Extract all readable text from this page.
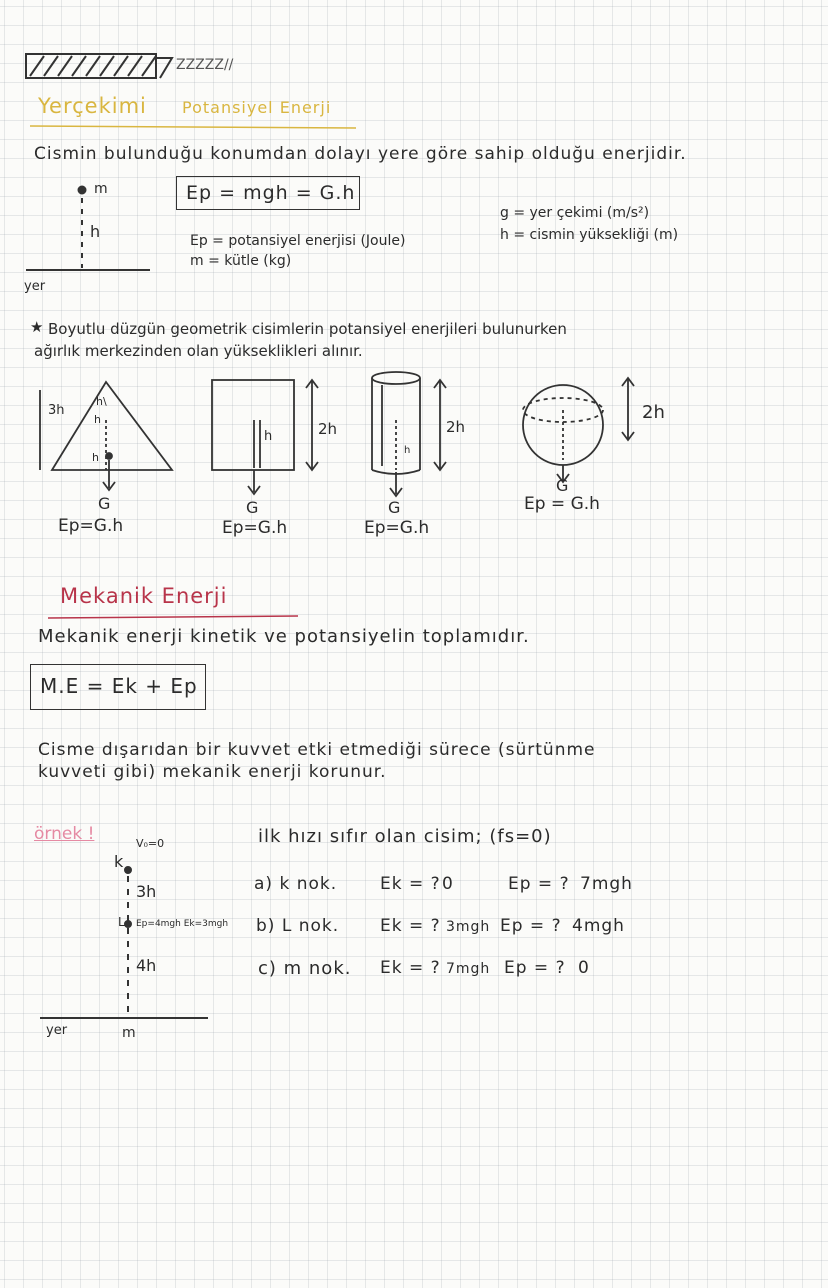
ZZZZZ//
Yerçekimi Potansiyel Enerji
Cismin bulunduğu konumdan dolayı yere göre sahip olduğu enerjidir.
m
h
yer
Ep = mgh = G.h
Ep = potansiyel enerjisi (Joule)
m = kütle (kg)
g = yer çekimi (m/s²)
h = cismin yüksekliği (m)
★ Boyutlu düzgün geometrik cisimlerin potansiyel enerjileri bulunurken
ağırlık merkezinden olan yükseklikleri alınır.
3h
h\
h
h
G
Ep=G.h
h	2h
G
Ep=G.h
h
2h
G
Ep=G.h
2h
G
Ep = G.h
Mekanik Enerji
Mekanik enerji kinetik ve potansiyelin toplamıdır.
M.E = Ek + Ep
Cisme dışarıdan bir kuvvet etki etmediği sürece (sürtünme
kuvveti gibi) mekanik enerji korunur.
örnek !	ilk hızı sıfır olan cisim; (fs=0)
k
V₀=0
3h
L Ep=4mgh Ek=3mgh
4h
m
yer
a) k nok.	Ek = ? 0	Ep = ? 7mgh
b) L nok. Ek = ? 3mgh Ep = ? 4mgh
c) m nok. Ek = ? 7mgh Ep = ? 0
